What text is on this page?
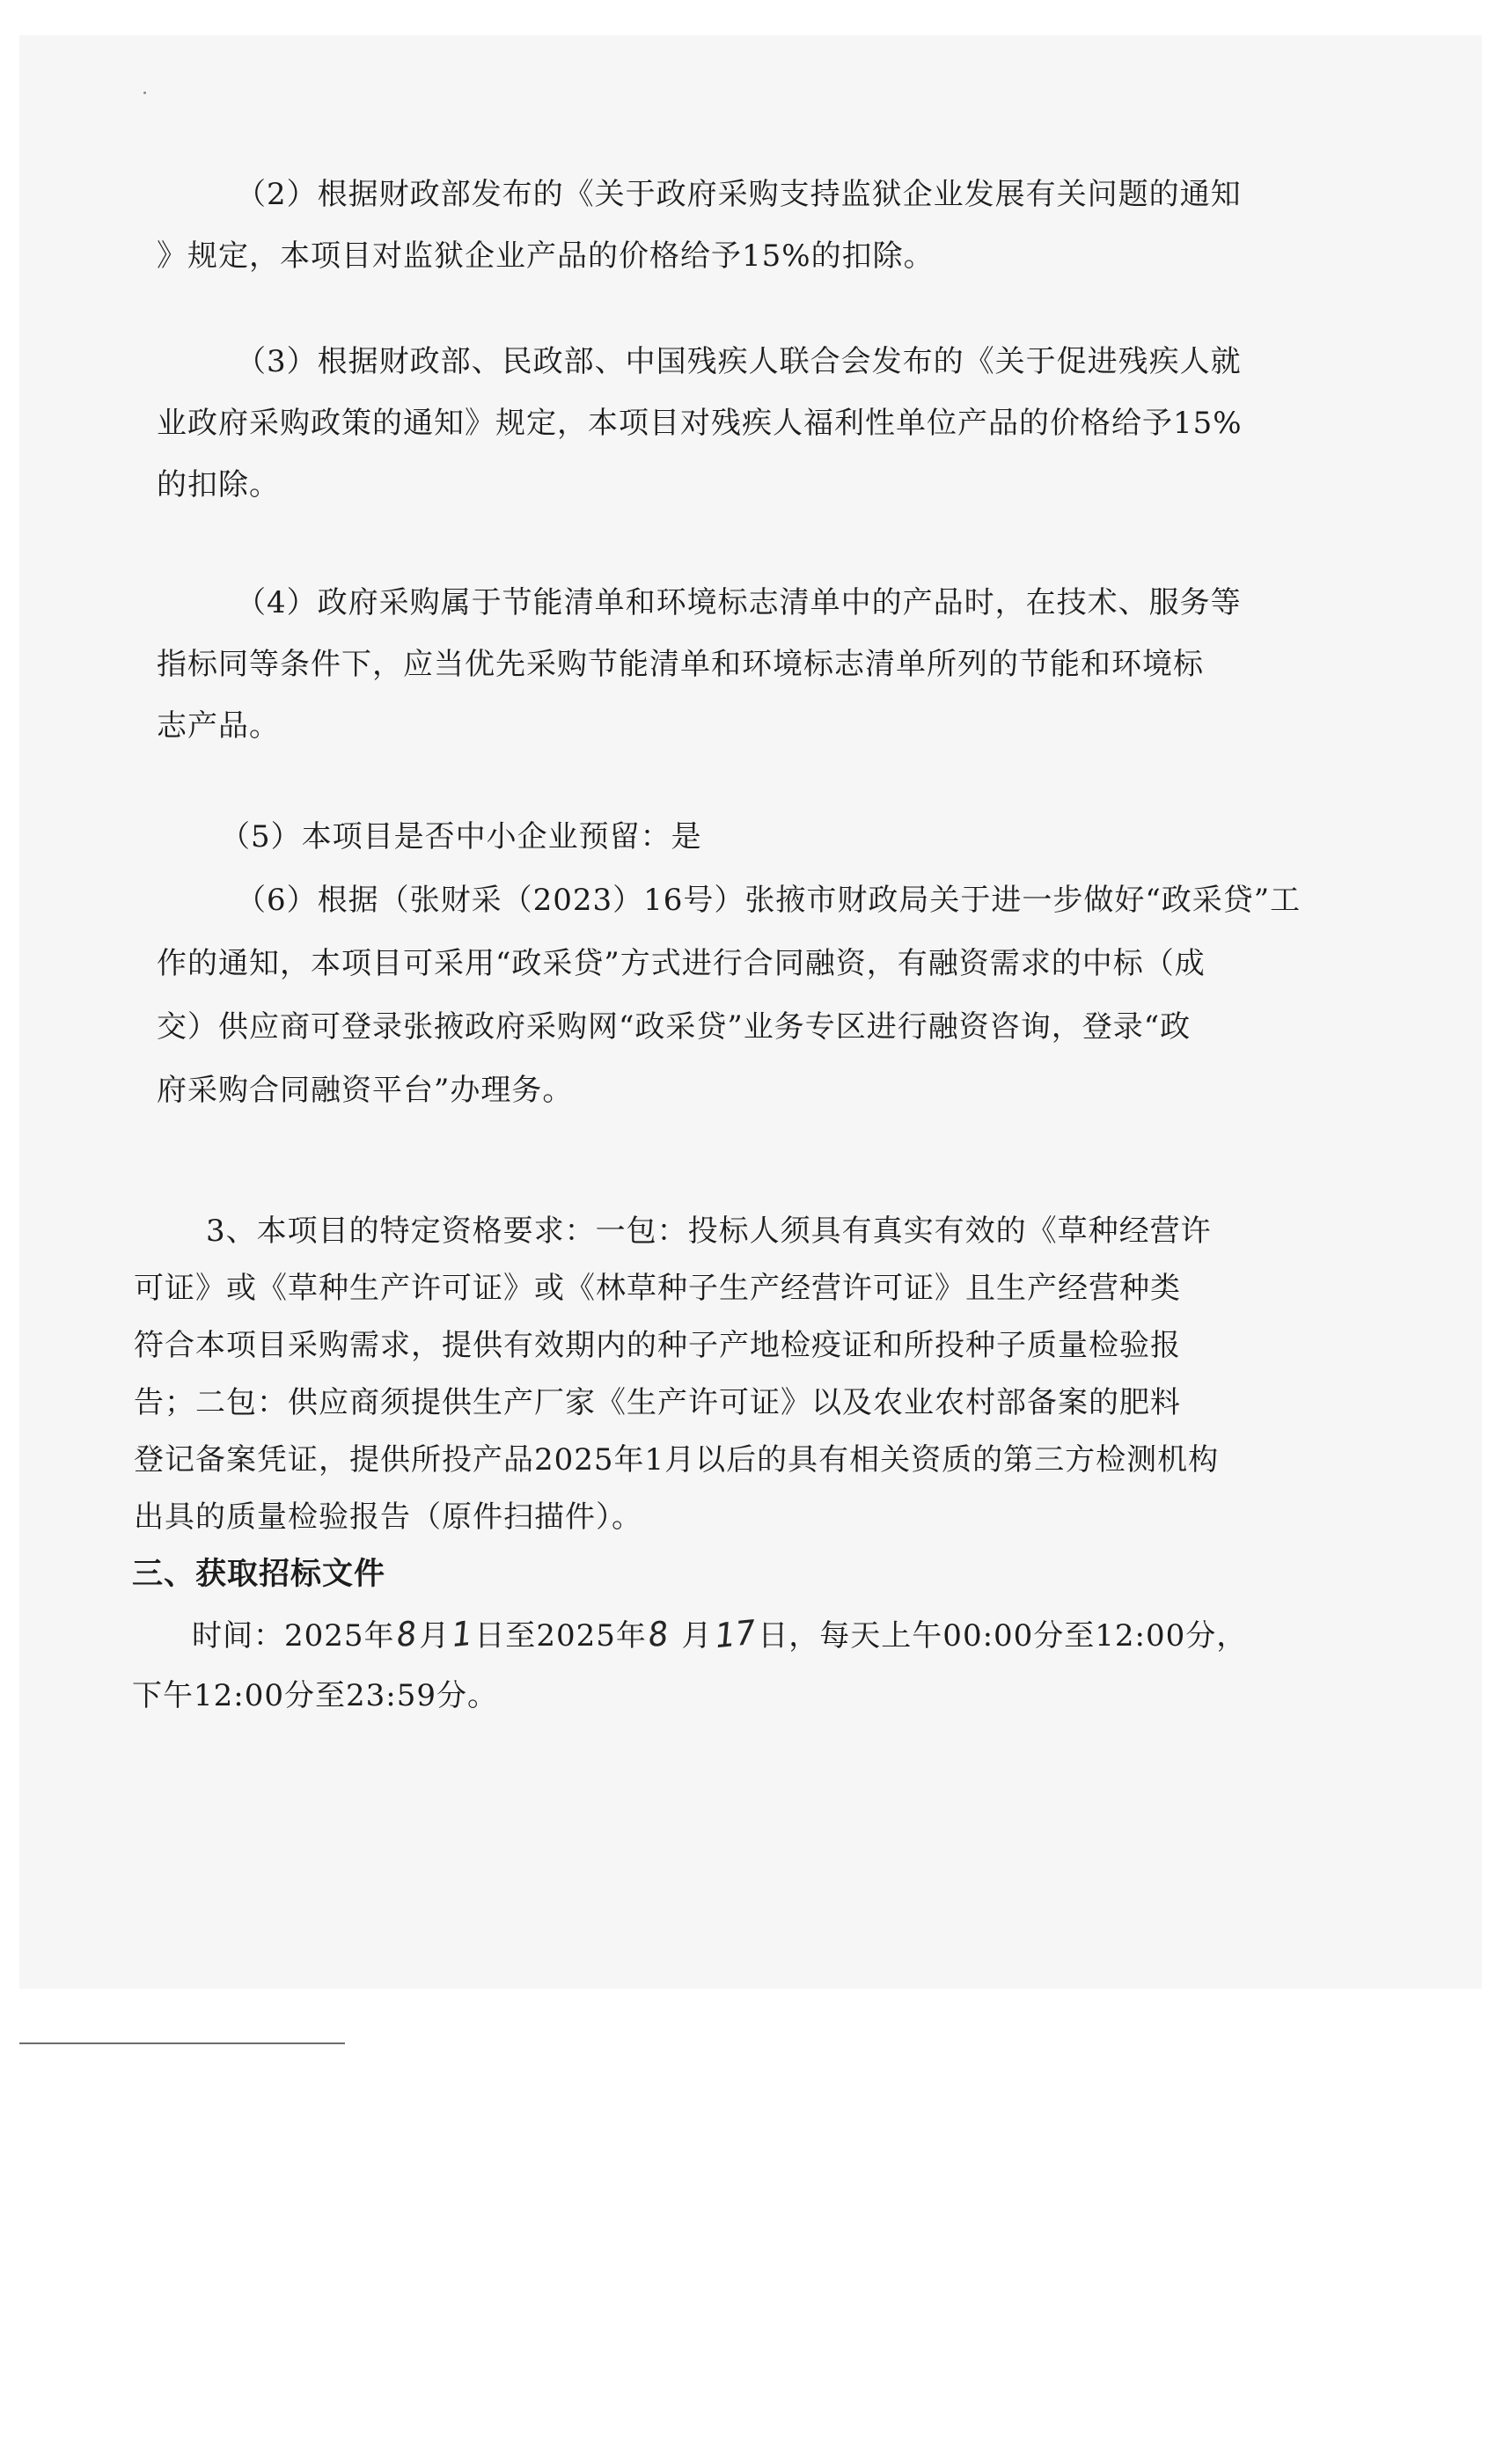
（2）根据财政部发布的《关于政府采购支持监狱企业发展有关问题的通知

》规定，本项目对监狱企业产品的价格给予15%的扣除。

（3）根据财政部、民政部、中国残疾人联合会发布的《关于促进残疾人就

业政府采购政策的通知》规定，本项目对残疾人福利性单位产品的价格给予15%

的扣除。

（4）政府采购属于节能清单和环境标志清单中的产品时，在技术、服务等

指标同等条件下，应当优先采购节能清单和环境标志清单所列的节能和环境标

志产品。

（5）本项目是否中小企业预留：是

（6）根据（张财采（2023）16号）张掖市财政局关于进一步做好“政采贷”工

作的通知，本项目可采用“政采贷”方式进行合同融资，有融资需求的中标（成

交）供应商可登录张掖政府采购网“政采贷”业务专区进行融资咨询，登录“政

府采购合同融资平台”办理务。

3、本项目的特定资格要求：一包：投标人须具有真实有效的《草种经营许

可证》或《草种生产许可证》或《林草种子生产经营许可证》且生产经营种类

符合本项目采购需求，提供有效期内的种子产地检疫证和所投种子质量检验报

告；二包：供应商须提供生产厂家《生产许可证》以及农业农村部备案的肥料

登记备案凭证，提供所投产品2025年1月以后的具有相关资质的第三方检测机构

出具的质量检验报告（原件扫描件）。

三、获取招标文件

时间：2025年8月1日至2025年8 月17日，每天上午00:00分至12:00分，

下午12:00分至23:59分。
